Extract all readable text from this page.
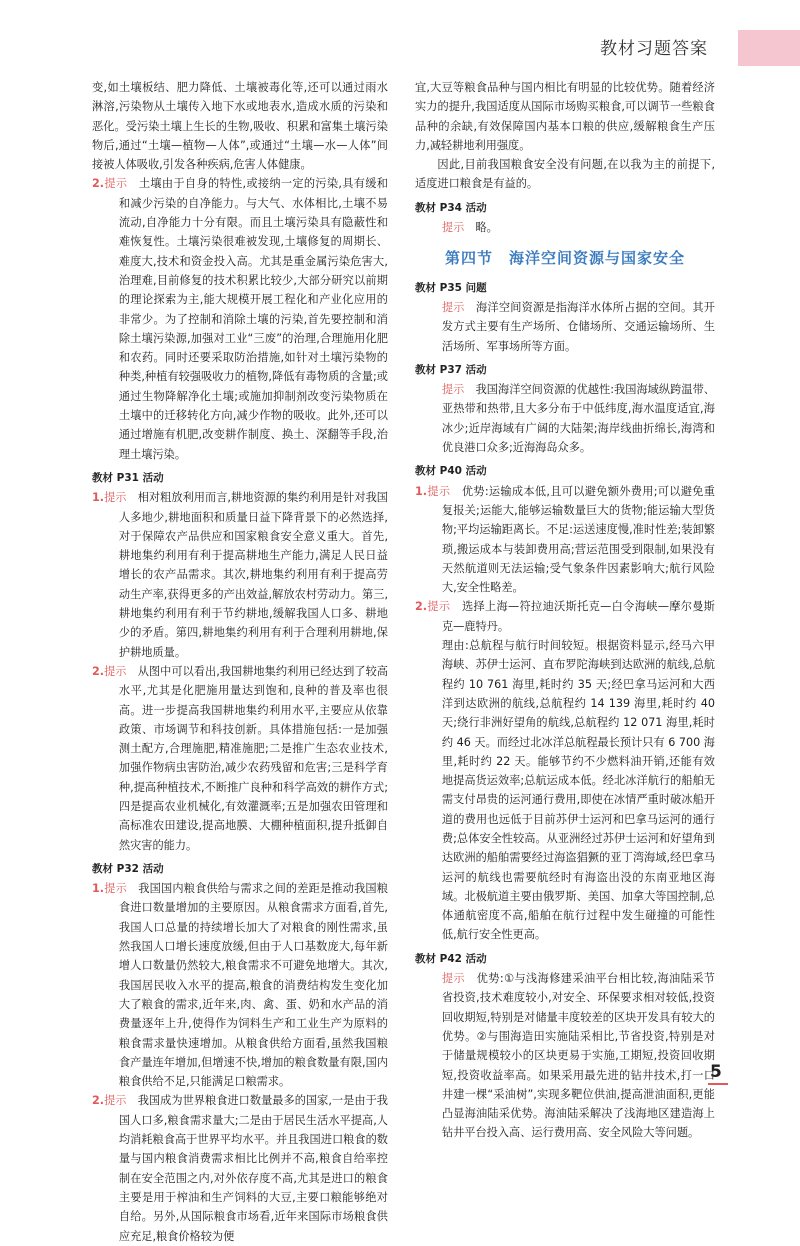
教材习题答案

变,如土壤板结、肥力降低、土壤被毒化等,还可以通过雨水淋溶,污染物从土壤传入地下水或地表水,造成水质的污染和恶化。受污染土壤上生长的生物,吸收、积累和富集土壤污染物后,通过“土壤—植物—人体”,或通过“土壤—水—人体”间接被人体吸收,引发各种疾病,危害人体健康。

2.提示　 土壤由于自身的特性,或接纳一定的污染,具有缓和和减少污染的自净能力。与大气、水体相比,土壤不易流动,自净能力十分有限。而且土壤污染具有隐蔽性和难恢复性。土壤污染很难被发现,土壤修复的周期长、难度大,技术和资金投入高。尤其是重金属污染危害大,治理难,目前修复的技术积累比较少,大部分研究以前期的理论探索为主,能大规模开展工程化和产业化应用的非常少。为了控制和消除土壤的污染,首先要控制和消除土壤污染源,加强对工业“三废”的治理,合理施用化肥和农药。同时还要采取防治措施,如针对土壤污染物的种类,种植有较强吸收力的植物,降低有毒物质的含量;或通过生物降解净化土壤;或施加抑制剂改变污染物质在土壤中的迁移转化方向,减少作物的吸收。此外,还可以通过增施有机肥,改变耕作制度、换土、深翻等手段,治理土壤污染。

教材 P31 活动

1.提示　 相对粗放利用而言,耕地资源的集约利用是针对我国人多地少,耕地面积和质量日益下降背景下的必然选择,对于保障农产品供应和国家粮食安全意义重大。首先,耕地集约利用有利于提高耕地生产能力,满足人民日益增长的农产品需求。其次,耕地集约利用有利于提高劳动生产率,获得更多的产出效益,解放农村劳动力。第三,耕地集约利用有利于节约耕地,缓解我国人口多、耕地少的矛盾。第四,耕地集约利用有利于合理利用耕地,保护耕地质量。

2.提示　 从图中可以看出,我国耕地集约利用已经达到了较高水平,尤其是化肥施用量达到饱和,良种的普及率也很高。进一步提高我国耕地集约利用水平,主要应从依靠政策、市场调节和科技创新。具体措施包括:一是加强测土配方,合理施肥,精准施肥;二是推广生态农业技术,加强作物病虫害防治,减少农药残留和危害;三是科学育种,提高种植技术,不断推广良种和科学高效的耕作方式;四是提高农业机械化,有效灌溉率;五是加强农田管理和高标准农田建设,提高地膜、大棚种植面积,提升抵御自然灾害的能力。

教材 P32 活动

1.提示　 我国国内粮食供给与需求之间的差距是推动我国粮食进口数量增加的主要原因。从粮食需求方面看,首先,我国人口总量的持续增长加大了对粮食的刚性需求,虽然我国人口增长速度放缓,但由于人口基数庞大,每年新增人口数量仍然较大,粮食需求不可避免地增大。其次,我国居民收入水平的提高,粮食的消费结构发生变化加大了粮食的需求,近年来,肉、禽、蛋、奶和水产品的消费量逐年上升,使得作为饲料生产和工业生产为原料的粮食需求量快速增加。从粮食供给方面看,虽然我国粮食产量连年增加,但增速不快,增加的粮食数量有限,国内粮食供给不足,只能满足口粮需求。

2.提示　 我国成为世界粮食进口数量最多的国家,一是由于我国人口多,粮食需求量大;二是由于居民生活水平提高,人均消耗粮食高于世界平均水平。并且我国进口粮食的数量与国内粮食消费需求相比比例并不高,粮食自给率控制在安全范围之内,对外依存度不高,尤其是进口的粮食主要是用于榨油和生产饲料的大豆,主要口粮能够绝对自给。另外,从国际粮食市场看,近年来国际市场粮食供应充足,粮食价格较为便

宜,大豆等粮食品种与国内相比有明显的比较优势。随着经济实力的提升,我国适度从国际市场购买粮食,可以调节一些粮食品种的余缺,有效保障国内基本口粮的供应,缓解粮食生产压力,减轻耕地利用强度。

因此,目前我国粮食安全没有问题,在以我为主的前提下,适度进口粮食是有益的。

教材 P34 活动

提示　 略。

第四节　海洋空间资源与国家安全

教材 P35 问题

提示　 海洋空间资源是指海洋水体所占据的空间。其开发方式主要有生产场所、仓储场所、交通运输场所、生活场所、军事场所等方面。

教材 P37 活动

提示　 我国海洋空间资源的优越性:我国海域纵跨温带、亚热带和热带,且大多分布于中低纬度,海水温度适宜,海冰少;近岸海域有广阔的大陆架;海岸线曲折绵长,海湾和优良港口众多;近海海岛众多。

教材 P40 活动

1.提示　 优势:运输成本低,且可以避免额外费用;可以避免重复报关;运能大,能够运输数量巨大的货物;能运输大型货物;平均运输距离长。不足:运送速度慢,准时性差;装卸繁琐,搬运成本与装卸费用高;营运范围受到限制,如果没有天然航道则无法运输;受气象条件因素影响大;航行风险大,安全性略差。

2.提示　 选择上海—符拉迪沃斯托克—白令海峡—摩尔曼斯克—鹿特丹。

理由:总航程与航行时间较短。根据资料显示,经马六甲海峡、苏伊士运河、直布罗陀海峡到达欧洲的航线,总航程约 10 761 海里,耗时约 35 天;经巴拿马运河和大西洋到达欧洲的航线,总航程约 14 139 海里,耗时约 40 天;绕行非洲好望角的航线,总航程约 12 071 海里,耗时约 46 天。而经过北冰洋总航程最长预计只有 6 700 海里,耗时约 22 天。能够节约不少燃料油开销,还能有效地提高货运效率;总航运成本低。经北冰洋航行的船舶无需支付昂贵的运河通行费用,即使在冰情严重时破冰船开道的费用也远低于目前苏伊士运河和巴拿马运河的通行费;总体安全性较高。从亚洲经过苏伊士运河和好望角到达欧洲的船舶需要经过海盗猖獗的亚丁湾海域,经巴拿马运河的航线也需要航经时有海盗出没的东南亚地区海域。北极航道主要由俄罗斯、美国、加拿大等国控制,总体通航密度不高,船舶在航行过程中发生碰撞的可能性低,航行安全性更高。

教材 P42 活动

提示　 优势:①与浅海修建采油平台相比较,海油陆采节省投资,技术难度较小,对安全、环保要求相对较低,投资回收期短,特别是对储量丰度较差的区块开发具有较大的优势。②与围海造田实施陆采相比,节省投资,特别是对于储量规模较小的区块更易于实施,工期短,投资回收期短,投资收益率高。如果采用最先进的钻井技术,打一口井建一棵“采油树”,实现多靶位供油,提高泄油面积,更能凸显海油陆采优势。海油陆采解决了浅海地区建造海上钻井平台投入高、运行费用高、安全风险大等问题。

5
